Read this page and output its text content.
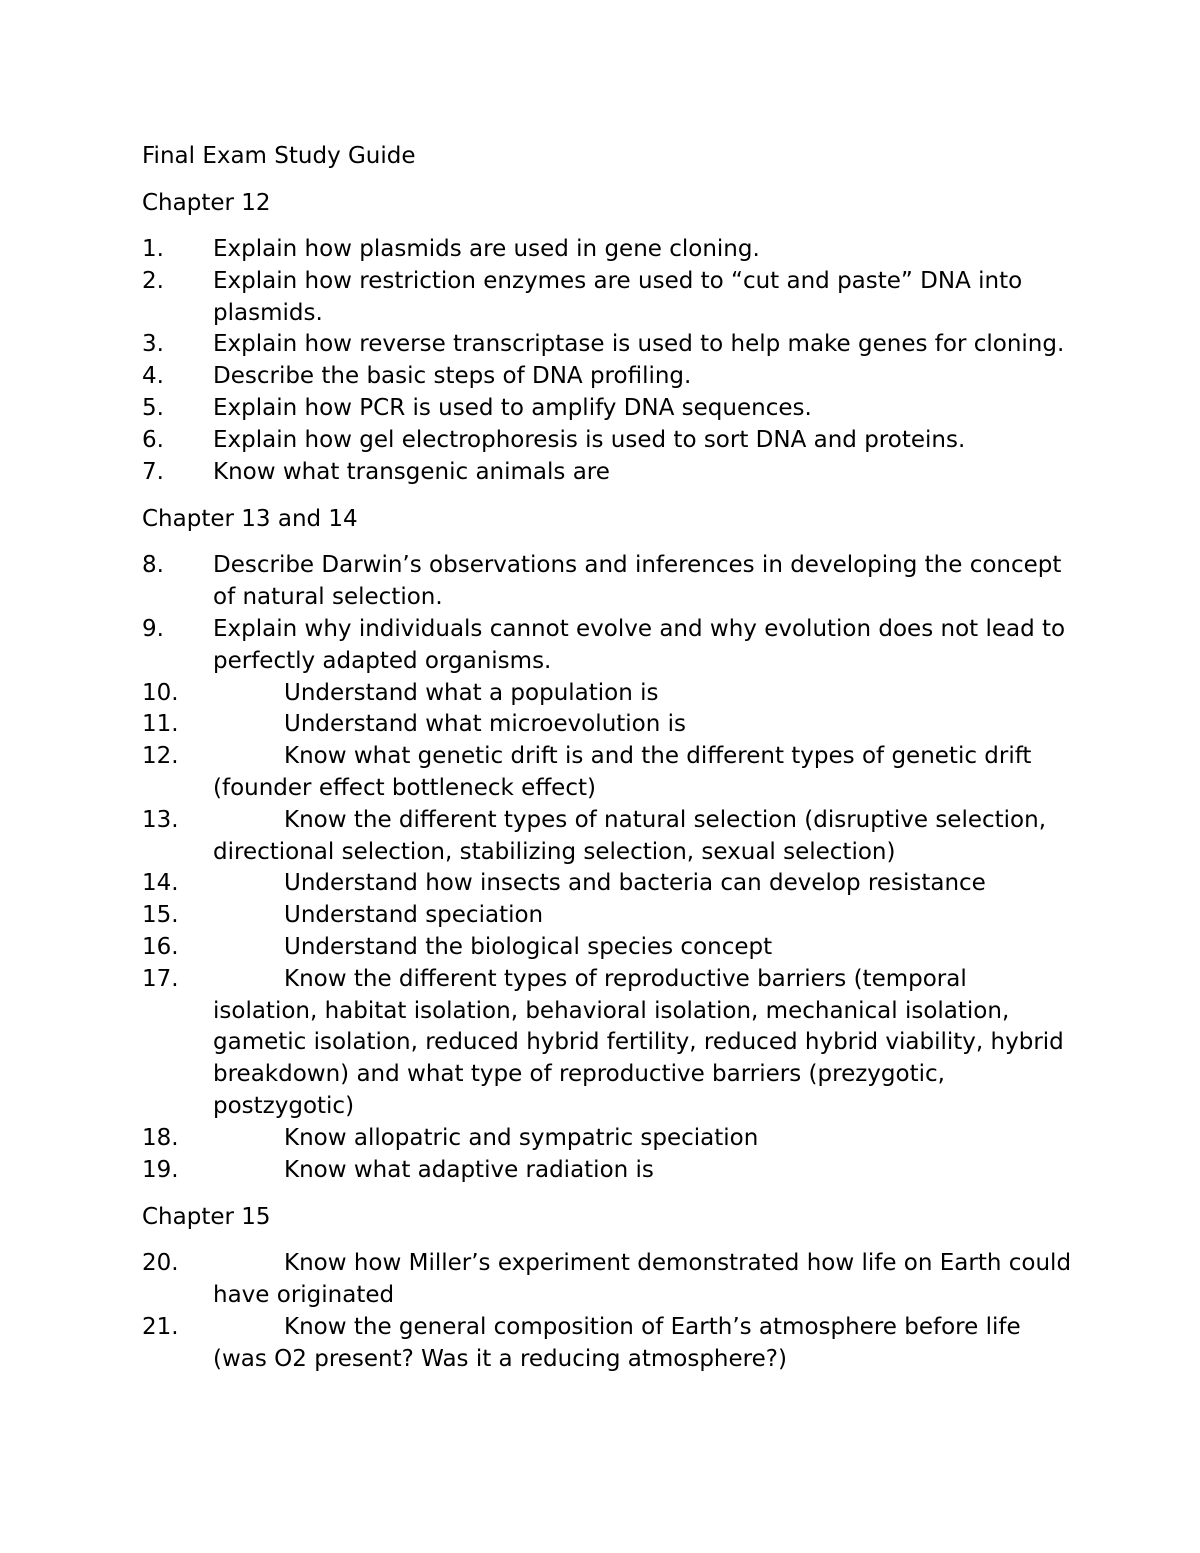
Final Exam Study Guide
Chapter 12
1.	Explain how plasmids are used in gene cloning.
2.	Explain how restriction enzymes are used to “cut and paste” DNA into plasmids.
3.	Explain how reverse transcriptase is used to help make genes for cloning.
4.	Describe the basic steps of DNA profiling.
5.	Explain how PCR is used to amplify DNA sequences.
6.	Explain how gel electrophoresis is used to sort DNA and proteins.
7.	Know what transgenic animals are
Chapter 13 and 14
8.	Describe Darwin’s observations and inferences in developing the concept of natural selection.
9.	Explain why individuals cannot evolve and why evolution does not lead to perfectly adapted organisms.
10.	Understand what a population is
11.	Understand what microevolution is
12.	Know what genetic drift is and the different types of genetic drift (founder effect bottleneck effect)
13.	Know the different types of natural selection (disruptive selection, directional selection, stabilizing selection, sexual selection)
14.	Understand how insects and bacteria can develop resistance
15.	Understand speciation
16.	Understand the biological species concept
17.	Know the different types of reproductive barriers (temporal isolation, habitat isolation, behavioral isolation, mechanical isolation, gametic isolation, reduced hybrid fertility, reduced hybrid viability, hybrid breakdown) and what type of reproductive barriers (prezygotic, postzygotic)
18.	Know allopatric and sympatric speciation
19.	Know what adaptive radiation is
Chapter 15
20.	Know how Miller’s experiment demonstrated how life on Earth could have originated
21.	Know the general composition of Earth’s atmosphere before life (was O2 present? Was it a reducing atmosphere?)
